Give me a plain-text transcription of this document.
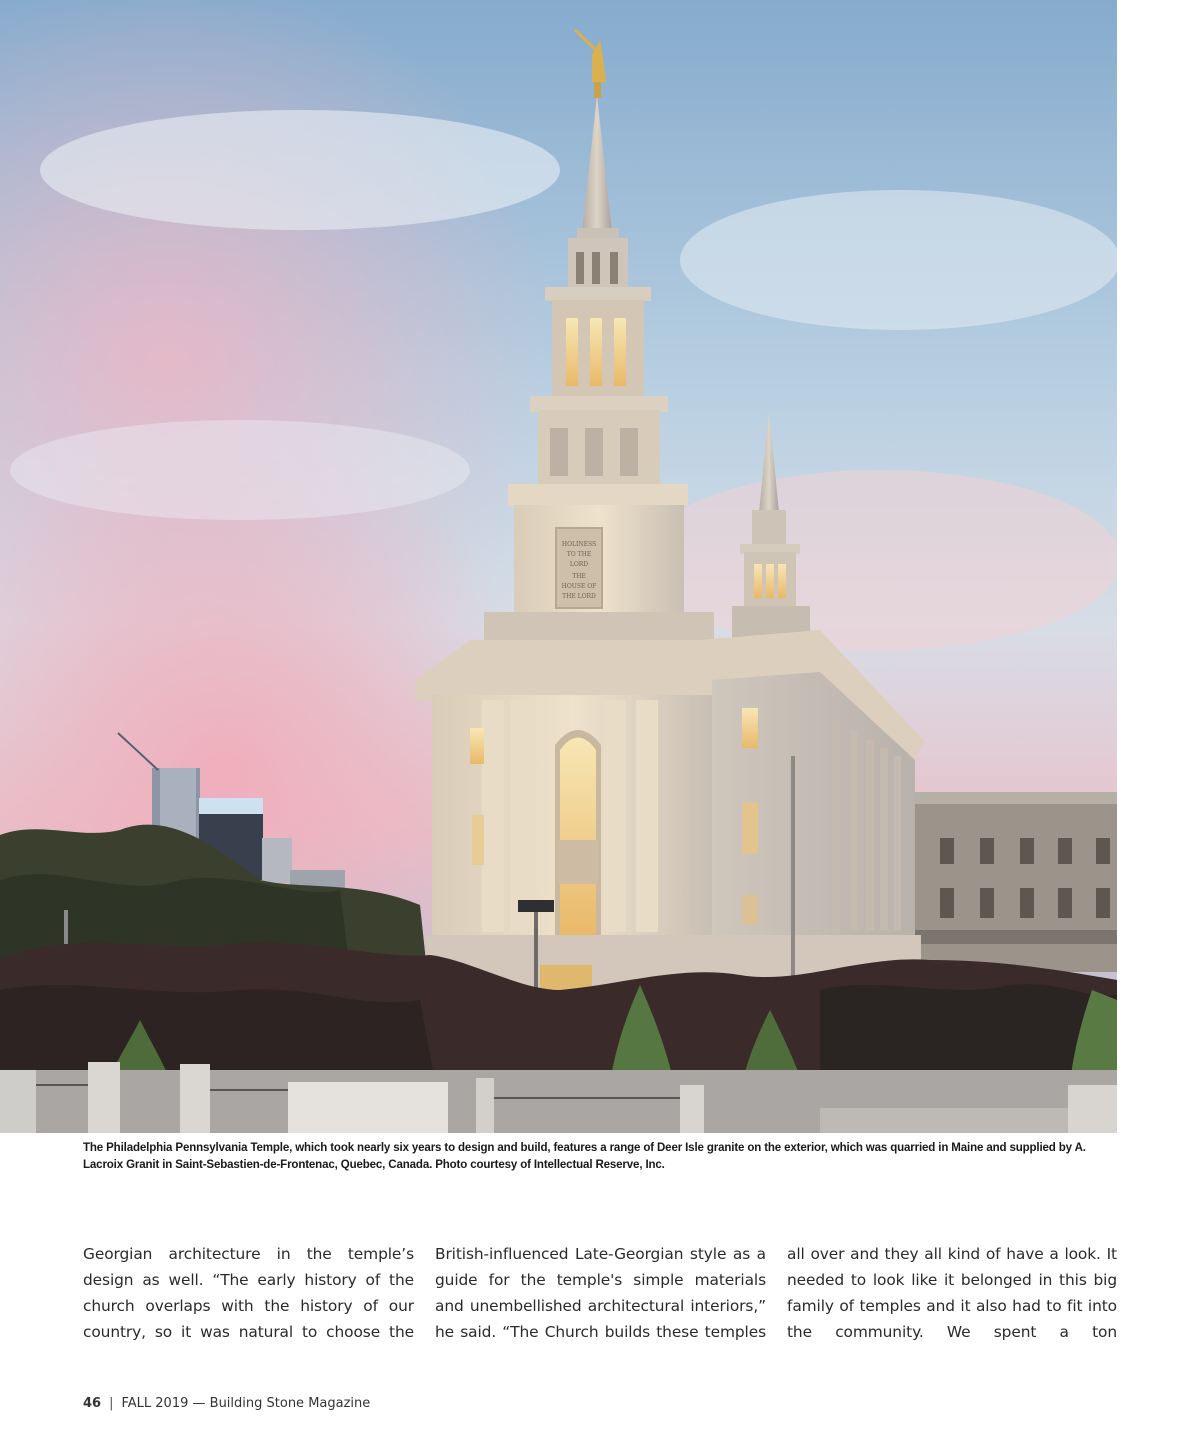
HOLINESS
TO THE
LORD
THE
HOUSE OF
THE LORD
The Philadelphia Pennsylvania Temple, which took nearly six years to design and build, features a range of Deer Isle granite on the exterior, which was quarried in Maine and supplied by A. Lacroix Granit in Saint-Sebastien-de-Frontenac, Quebec, Canada. Photo courtesy of Intellectual Reserve, Inc.
Georgian architecture in the temple’s design as well. “The early history of the church overlaps with the history of our country, so it was natural to choose the
British-influenced Late-Georgian style as a guide for the temple's simple materials and unembellished architectural interiors,” he said. “The Church builds these temples
all over and they all kind of have a look. It needed to look like it belonged in this big family of temples and it also had to fit into the community. We spent a ton
46 | FALL 2019 — Building Stone Magazine
